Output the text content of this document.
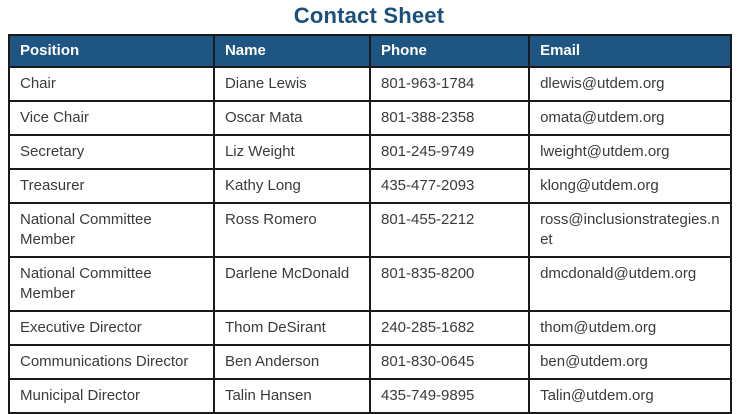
Contact Sheet
Position	Name	Phone	Email
Chair	Diane Lewis	801-963-1784	dlewis@utdem.org
Vice Chair	Oscar Mata	801-388-2358	omata@utdem.org
Secretary	Liz Weight	801-245-9749	lweight@utdem.org
Treasurer	Kathy Long	435-477-2093	klong@utdem.org
National Committee Member	Ross Romero	801-455-2212	ross@inclusionstrategies.net
National Committee Member	Darlene McDonald	801-835-8200	dmcdonald@utdem.org
Executive Director	Thom DeSirant	240-285-1682	thom@utdem.org
Communications Director	Ben Anderson	801-830-0645	ben@utdem.org
Municipal Director	Talin Hansen	435-749-9895	Talin@utdem.org
